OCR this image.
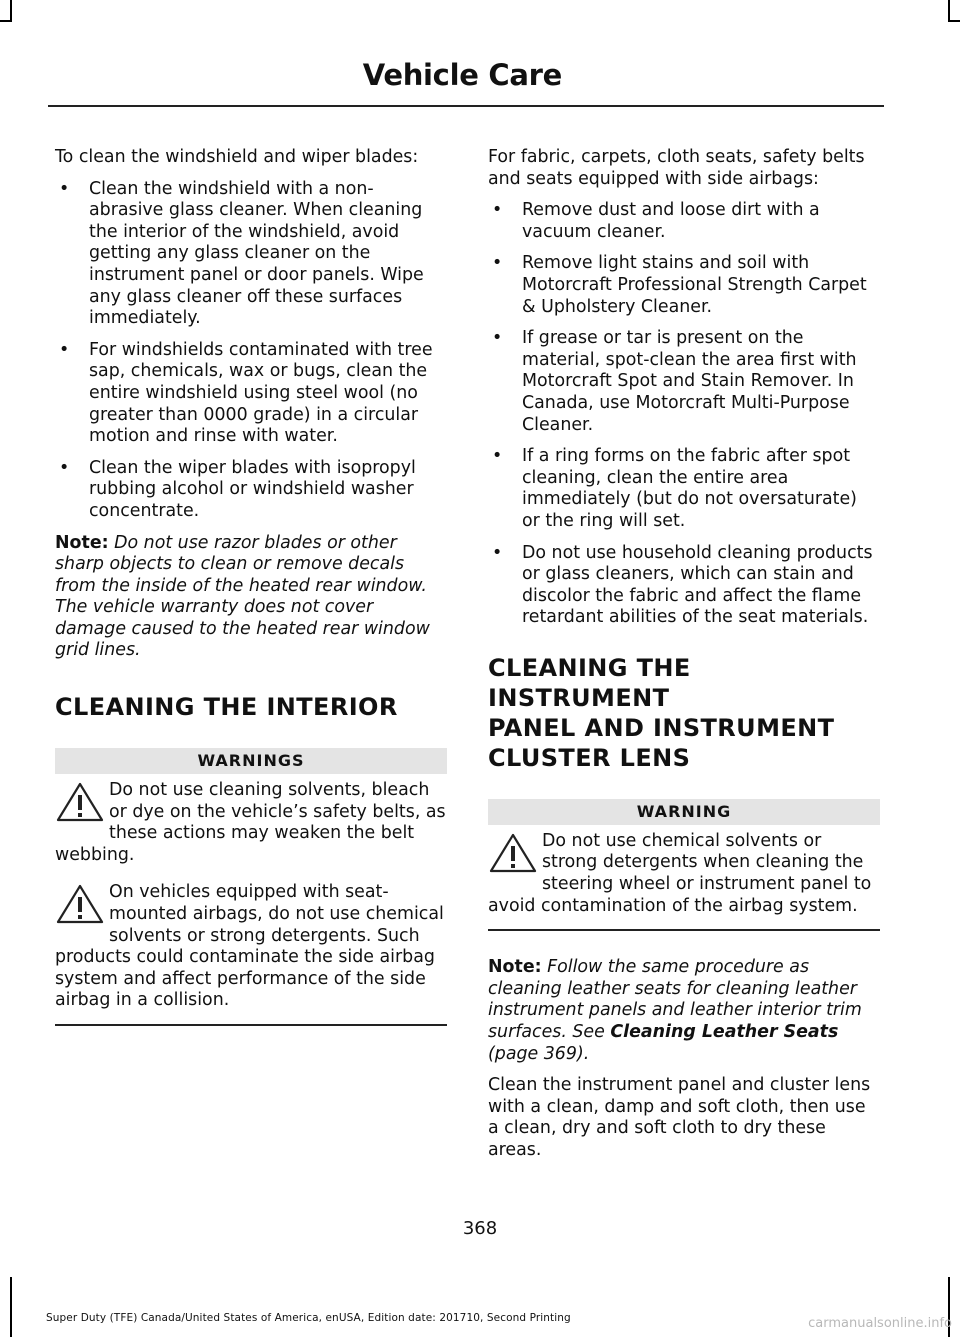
Vehicle Care

To clean the windshield and wiper blades:

• Clean the windshield with a non-abrasive glass cleaner. When cleaning the interior of the windshield, avoid getting any glass cleaner on the instrument panel or door panels. Wipe any glass cleaner off these surfaces immediately.
• For windshields contaminated with tree sap, chemicals, wax or bugs, clean the entire windshield using steel wool (no greater than 0000 grade) in a circular motion and rinse with water.
• Clean the wiper blades with isopropyl rubbing alcohol or windshield washer concentrate.

Note: Do not use razor blades or other sharp objects to clean or remove decals from the inside of the heated rear window. The vehicle warranty does not cover damage caused to the heated rear window grid lines.

CLEANING THE INTERIOR
WARNINGS
Do not use cleaning solvents, bleach or dye on the vehicle’s safety belts, as these actions may weaken the belt webbing.
On vehicles equipped with seat-mounted airbags, do not use chemical solvents or strong detergents. Such products could contaminate the side airbag system and affect performance of the side airbag in a collision.

For fabric, carpets, cloth seats, safety belts and seats equipped with side airbags:

• Remove dust and loose dirt with a vacuum cleaner.
• Remove light stains and soil with Motorcraft Professional Strength Carpet & Upholstery Cleaner.
• If grease or tar is present on the material, spot-clean the area first with Motorcraft Spot and Stain Remover. In Canada, use Motorcraft Multi-Purpose Cleaner.
• If a ring forms on the fabric after spot cleaning, clean the entire area immediately (but do not oversaturate) or the ring will set.
• Do not use household cleaning products or glass cleaners, which can stain and discolor the fabric and affect the flame retardant abilities of the seat materials.
CLEANING THE INSTRUMENT
PANEL AND INSTRUMENT
CLUSTER LENS
WARNING
Do not use chemical solvents or strong detergents when cleaning the steering wheel or instrument panel to avoid contamination of the airbag system.

Note: Follow the same procedure as cleaning leather seats for cleaning leather instrument panels and leather interior trim surfaces. See Cleaning Leather Seats (page 369).

Clean the instrument panel and cluster lens with a clean, damp and soft cloth, then use a clean, dry and soft cloth to dry these areas.

368
Super Duty (TFE) Canada/United States of America, enUSA, Edition date: 201710, Second Printing	carmanualsonline.info
